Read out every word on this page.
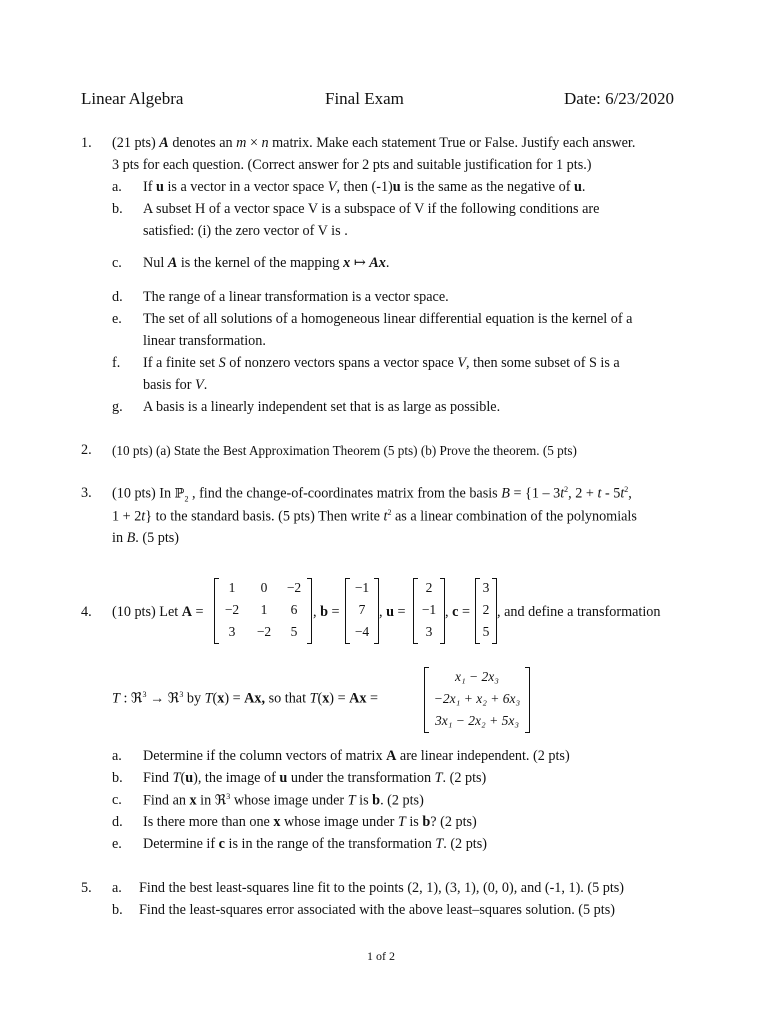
Linear Algebra	Final Exam	Date: 6/23/2020
1. (21 pts) A denotes an m × n matrix. Make each statement True or False. Justify each answer.
3 pts for each question. (Correct answer for 2 pts and suitable justification for 1 pts.)
a. If u is a vector in a vector space V, then (-1)u is the same as the negative of u.
b. A subset H of a vector space V is a subspace of V if the following conditions are
satisfied: (i) the zero vector of V is .
c. Nul A is the kernel of the mapping x ↦ Ax.
d. The range of a linear transformation is a vector space.
e. The set of all solutions of a homogeneous linear differential equation is the kernel of a
linear transformation.
f. If a finite set S of nonzero vectors spans a vector space V, then some subset of S is a
basis for V.
g. A basis is a linearly independent set that is as large as possible.
2. (10 pts) (a) State the Best Approximation Theorem (5 pts) (b) Prove the theorem. (5 pts)
3. (10 pts) In ℙ$_2$ , find the change-of-coordinates matrix from the basis $B = \{1 - 3t^2$, $2 + t - 5t^2$,
1 + 2t} to the standard basis. (5 pts) Then write $t^2$ as a linear combination of the polynomials
in B. (5 pts)
4. (10 pts) Let A =
1	0	−2
−2	1	6
3	−2	5
, b =
−1
7
−4
, u =
2
−1
3
, c =
3
2
5
, and define a transformation
T : ℜ$^3$ → ℜ$^3$ by T(x) = Ax, so that T(x) = Ax =
x₁ − 2x₃
−2x₁ + x₂ + 6x₃
3x₁ − 2x₂ + 5x₃
a. Determine if the column vectors of matrix A are linear independent. (2 pts)
b. Find T(u), the image of u under the transformation T. (2 pts)
c. Find an x in ℜ$^3$ whose image under T is b. (2 pts)
d. Is there more than one x whose image under T is b? (2 pts)
e. Determine if c is in the range of the transformation T. (2 pts)
5. a. Find the best least-squares line fit to the points (2, 1), (3, 1), (0, 0), and (-1, 1). (5 pts)
b. Find the least-squares error associated with the above least–squares solution. (5 pts)
1 of 2
